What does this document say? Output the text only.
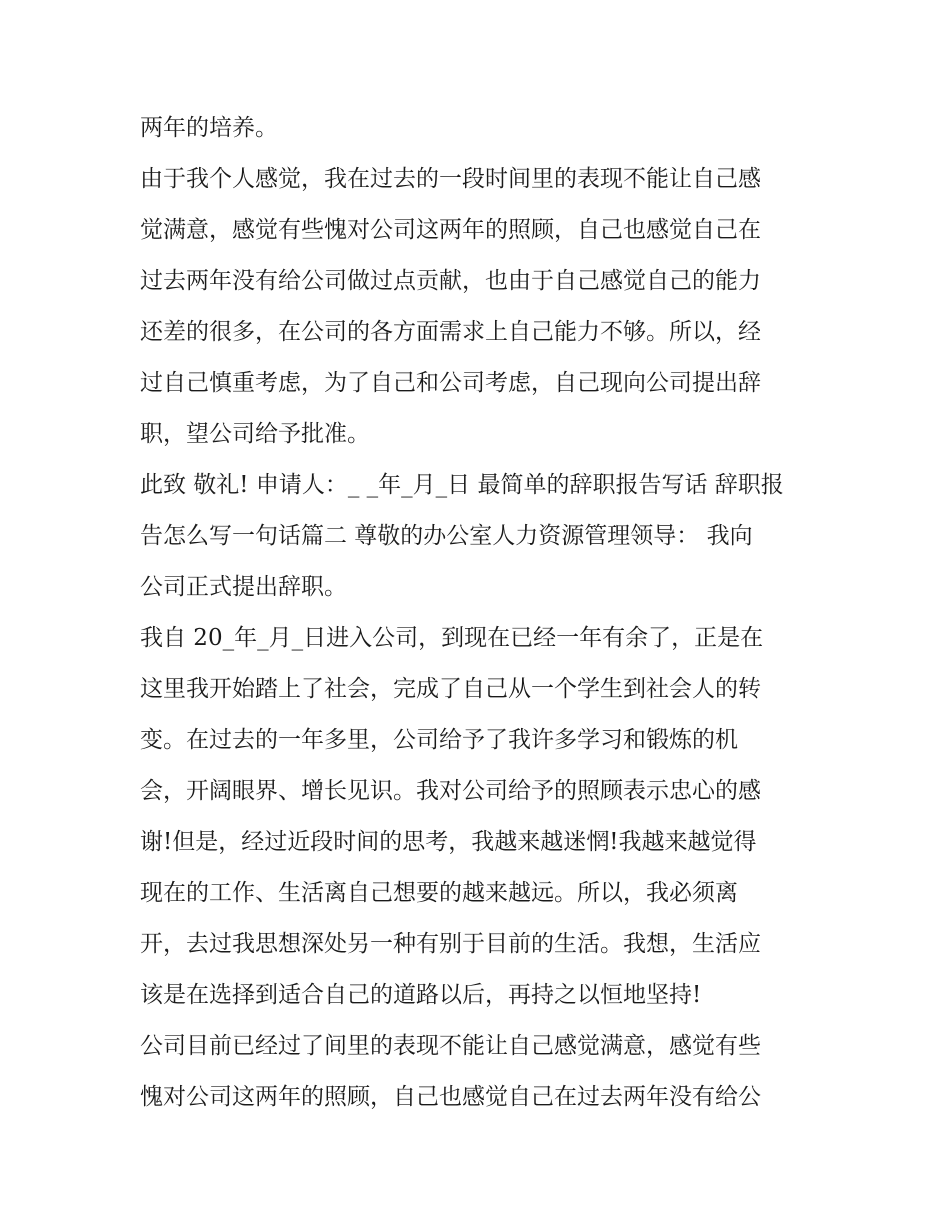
两年的培养。
由于我个人感觉，我在过去的一段时间里的表现不能让自己感
觉满意，感觉有些愧对公司这两年的照顾，自己也感觉自己在
过去两年没有给公司做过点贡献，也由于自己感觉自己的能力
还差的很多，在公司的各方面需求上自己能力不够。所以，经
过自己慎重考虑，为了自己和公司考虑，自己现向公司提出辞
职，望公司给予批准。
此致 敬礼! 申请人：_ _年_月_日 最简单的辞职报告写话 辞职报
告怎么写一句话篇二 尊敬的办公室人力资源管理领导： 我向
公司正式提出辞职。
我自 20_年_月_日进入公司，到现在已经一年有余了，正是在
这里我开始踏上了社会，完成了自己从一个学生到社会人的转
变。在过去的一年多里，公司给予了我许多学习和锻炼的机
会，开阔眼界、增长见识。我对公司给予的照顾表示忠心的感
谢!但是，经过近段时间的思考，我越来越迷惘!我越来越觉得
现在的工作、生活离自己想要的越来越远。所以，我必须离
开，去过我思想深处另一种有别于目前的生活。我想，生活应
该是在选择到适合自己的道路以后，再持之以恒地坚持!
公司目前已经过了间里的表现不能让自己感觉满意，感觉有些
愧对公司这两年的照顾，自己也感觉自己在过去两年没有给公
